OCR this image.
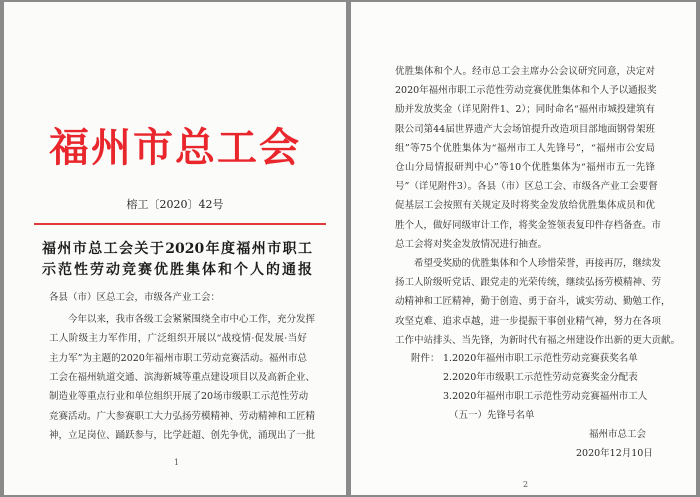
福州市总工会
榕工〔2020〕42号
福州市总工会关于2020年度福州市职工
示范性劳动竞赛优胜集体和个人的通报
各县（市）区总工会，市级各产业工会：
今年以来，我市各级工会紧紧围绕全市中心工作，充分发挥
工人阶级主力军作用，广泛组织开展以“战疫情·促发展·当好
主力军”为主题的2020年福州市职工劳动竞赛活动。福州市总
工会在福州轨道交通、滨海新城等重点建设项目以及高新企业、
制造业等重点行业和单位组织开展了20场市级职工示范性劳动
竞赛活动。广大参赛职工大力弘扬劳模精神、劳动精神和工匠精
神，立足岗位、踊跃参与，比学赶超、创先争优，涌现出了一批
1
优胜集体和个人。经市总工会主席办公会议研究同意，决定对
2020年福州市职工示范性劳动竞赛优胜集体和个人予以通报奖
励并发放奖金（详见附件1、2）；同时命名“福州市城投建筑有
限公司第44届世界遗产大会场馆提升改造项目部地面钢骨架班
组”等75个优胜集体为“福州市工人先锋号”，“福州市公安局
仓山分局情报研判中心”等10个优胜集体为“福州市五一先锋
号”（详见附件3）。各县（市）区总工会、市级各产业工会要督
促基层工会按照有关规定及时将奖金发放给优胜集体成员和优
胜个人，做好同级审计工作，将奖金签领表复印件存档备查。市
总工会将对奖金发放情况进行抽查。
希望受奖励的优胜集体和个人珍惜荣誉，再接再厉，继续发
扬工人阶级听党话、跟党走的光荣传统，继续弘扬劳模精神、劳
动精神和工匠精神，勤于创造、勇于奋斗，诚实劳动、勤勉工作，
攻坚克难、追求卓越，进一步提振干事创业精气神，努力在各项
工作中站排头、当先锋，为新时代有福之州建设作出新的更大贡献。
附件： 1.2020年福州市职工示范性劳动竞赛获奖名单
2.2020年市级职工示范性劳动竞赛奖金分配表
3.2020年福州市职工示范性劳动竞赛福州市工人
（五一）先锋号名单
福州市总工会
2020年12月10日
2
